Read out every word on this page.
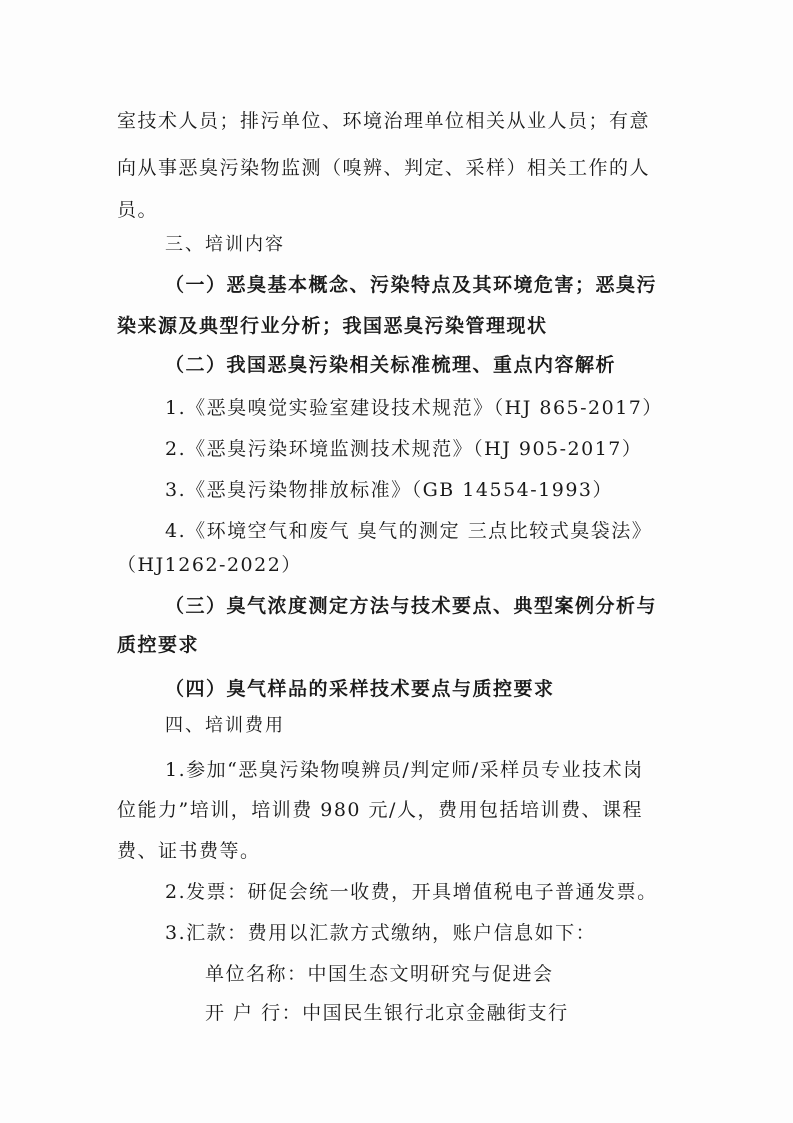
室技术人员；排污单位、环境治理单位相关从业人员；有意
向从事恶臭污染物监测（嗅辨、判定、采样）相关工作的人
员。
三、培训内容
（一）恶臭基本概念、污染特点及其环境危害；恶臭污
染来源及典型行业分析；我国恶臭污染管理现状
（二）我国恶臭污染相关标准梳理、重点内容解析
1.《恶臭嗅觉实验室建设技术规范》（HJ 865-2017）
2.《恶臭污染环境监测技术规范》（HJ 905-2017）
3.《恶臭污染物排放标准》（GB 14554-1993）
4.《环境空气和废气 臭气的测定 三点比较式臭袋法》
（HJ1262-2022）
（三）臭气浓度测定方法与技术要点、典型案例分析与
质控要求
（四）臭气样品的采样技术要点与质控要求
四、培训费用
1.参加“恶臭污染物嗅辨员/判定师/采样员专业技术岗
位能力”培训，培训费 980 元/人，费用包括培训费、课程
费、证书费等。
2.发票：研促会统一收费，开具增值税电子普通发票。
3.汇款：费用以汇款方式缴纳，账户信息如下：
单位名称：中国生态文明研究与促进会
开 户 行：中国民生银行北京金融街支行
